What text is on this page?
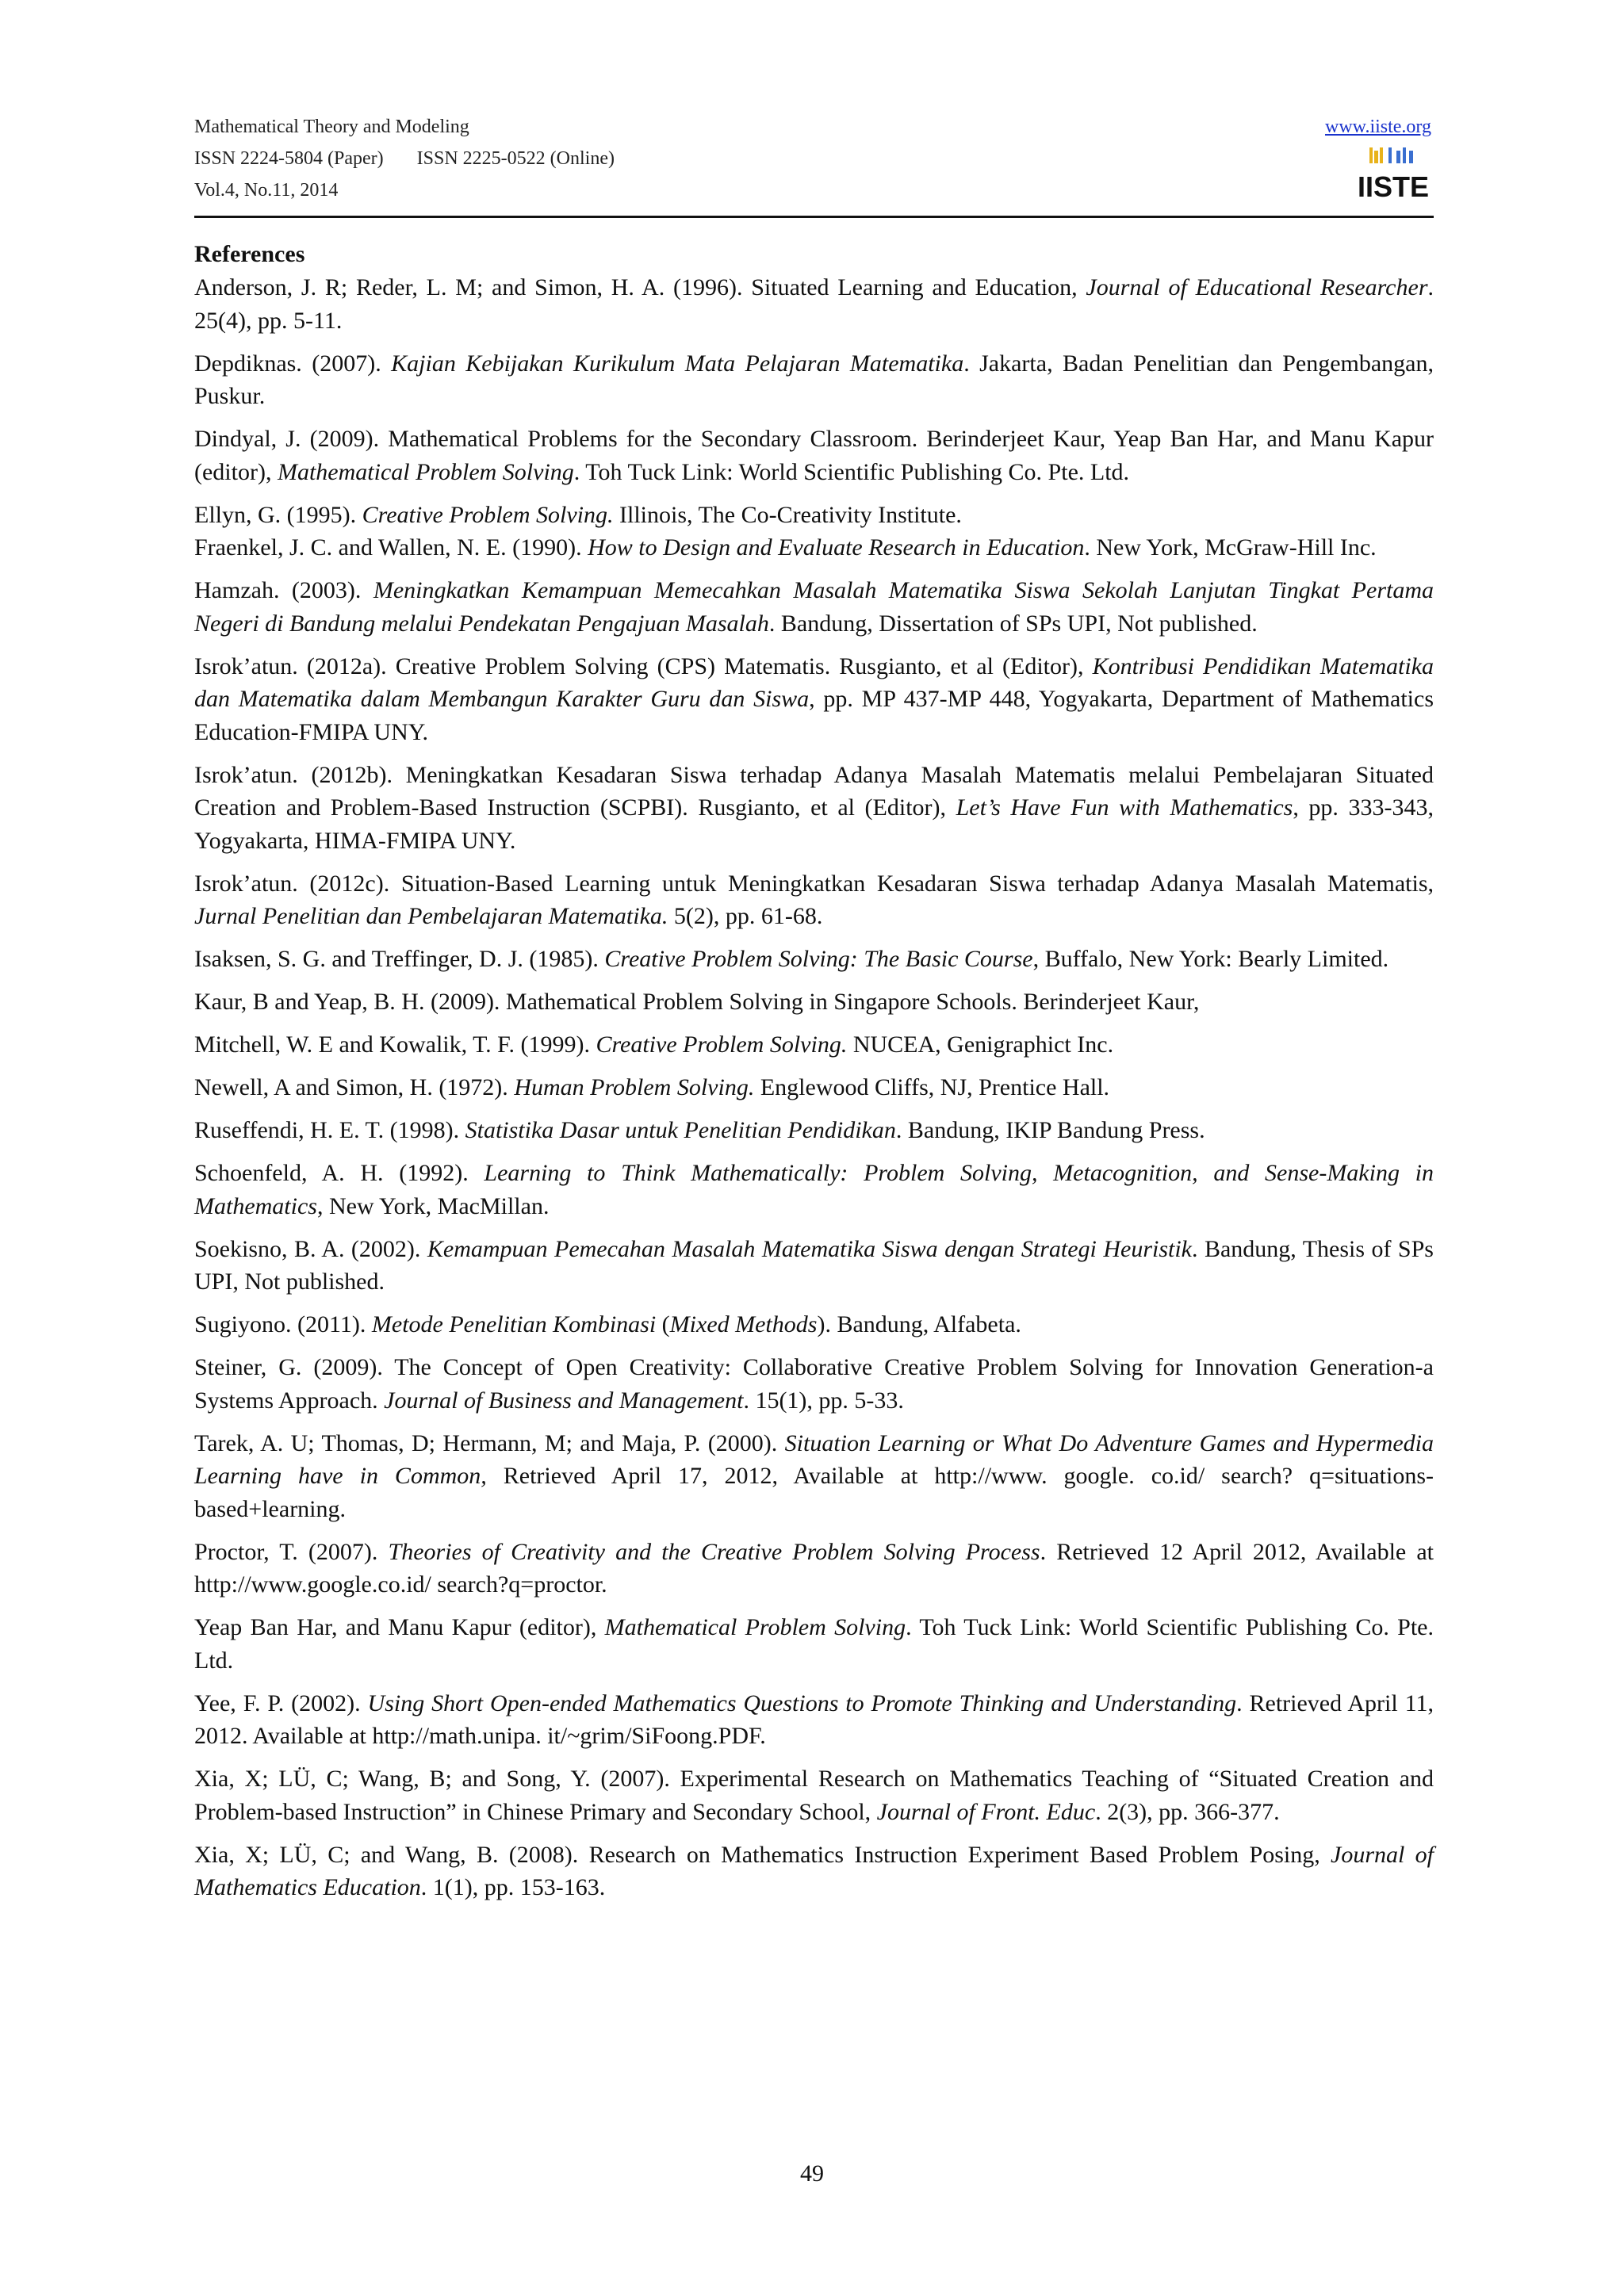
Mathematical Theory and Modeling
ISSN 2224-5804 (Paper) ISSN 2225-0522 (Online)
Vol.4, No.11, 2014
www.iiste.org
IISTE
References
Anderson, J. R; Reder, L. M; and Simon, H. A. (1996). Situated Learning and Education, Journal of Educational Researcher. 25(4), pp. 5-11.
Depdiknas. (2007). Kajian Kebijakan Kurikulum Mata Pelajaran Matematika. Jakarta, Badan Penelitian dan Pengembangan, Puskur.
Dindyal, J. (2009). Mathematical Problems for the Secondary Classroom. Berinderjeet Kaur, Yeap Ban Har, and Manu Kapur (editor), Mathematical Problem Solving. Toh Tuck Link: World Scientific Publishing Co. Pte. Ltd.
Ellyn, G. (1995). Creative Problem Solving. Illinois, The Co-Creativity Institute.
Fraenkel, J. C. and Wallen, N. E. (1990). How to Design and Evaluate Research in Education. New York, McGraw-Hill Inc.
Hamzah. (2003). Meningkatkan Kemampuan Memecahkan Masalah Matematika Siswa Sekolah Lanjutan Tingkat Pertama Negeri di Bandung melalui Pendekatan Pengajuan Masalah. Bandung, Dissertation of SPs UPI, Not published.
Isrok’atun. (2012a). Creative Problem Solving (CPS) Matematis. Rusgianto, et al (Editor), Kontribusi Pendidikan Matematika dan Matematika dalam Membangun Karakter Guru dan Siswa, pp. MP 437-MP 448, Yogyakarta, Department of Mathematics Education-FMIPA UNY.
Isrok’atun. (2012b). Meningkatkan Kesadaran Siswa terhadap Adanya Masalah Matematis melalui Pembelajaran Situated Creation and Problem-Based Instruction (SCPBI). Rusgianto, et al (Editor), Let’s Have Fun with Mathematics, pp. 333-343, Yogyakarta, HIMA-FMIPA UNY.
Isrok’atun. (2012c). Situation-Based Learning untuk Meningkatkan Kesadaran Siswa terhadap Adanya Masalah Matematis, Jurnal Penelitian dan Pembelajaran Matematika. 5(2), pp. 61-68.
Isaksen, S. G. and Treffinger, D. J. (1985). Creative Problem Solving: The Basic Course, Buffalo, New York: Bearly Limited.
Kaur, B and Yeap, B. H. (2009). Mathematical Problem Solving in Singapore Schools. Berinderjeet Kaur,
Mitchell, W. E and Kowalik, T. F. (1999). Creative Problem Solving. NUCEA, Genigraphict Inc.
Newell, A and Simon, H. (1972). Human Problem Solving. Englewood Cliffs, NJ, Prentice Hall.
Ruseffendi, H. E. T. (1998). Statistika Dasar untuk Penelitian Pendidikan. Bandung, IKIP Bandung Press.
Schoenfeld, A. H. (1992). Learning to Think Mathematically: Problem Solving, Metacognition, and Sense-Making in Mathematics, New York, MacMillan.
Soekisno, B. A. (2002). Kemampuan Pemecahan Masalah Matematika Siswa dengan Strategi Heuristik. Bandung, Thesis of SPs UPI, Not published.
Sugiyono. (2011). Metode Penelitian Kombinasi (Mixed Methods). Bandung, Alfabeta.
Steiner, G. (2009). The Concept of Open Creativity: Collaborative Creative Problem Solving for Innovation Generation-a Systems Approach. Journal of Business and Management. 15(1), pp. 5-33.
Tarek, A. U; Thomas, D; Hermann, M; and Maja, P. (2000). Situation Learning or What Do Adventure Games and Hypermedia Learning have in Common, Retrieved April 17, 2012, Available at http://www. google. co.id/ search? q=situations-based+learning.
Proctor, T. (2007). Theories of Creativity and the Creative Problem Solving Process. Retrieved 12 April 2012, Available at http://www.google.co.id/ search?q=proctor.
Yeap Ban Har, and Manu Kapur (editor), Mathematical Problem Solving. Toh Tuck Link: World Scientific Publishing Co. Pte. Ltd.
Yee, F. P. (2002). Using Short Open-ended Mathematics Questions to Promote Thinking and Understanding. Retrieved April 11, 2012. Available at http://math.unipa. it/~grim/SiFoong.PDF.
Xia, X; LÜ, C; Wang, B; and Song, Y. (2007). Experimental Research on Mathematics Teaching of “Situated Creation and Problem-based Instruction” in Chinese Primary and Secondary School, Journal of Front. Educ. 2(3), pp. 366-377.
Xia, X; LÜ, C; and Wang, B. (2008). Research on Mathematics Instruction Experiment Based Problem Posing, Journal of Mathematics Education. 1(1), pp. 153-163.
49
